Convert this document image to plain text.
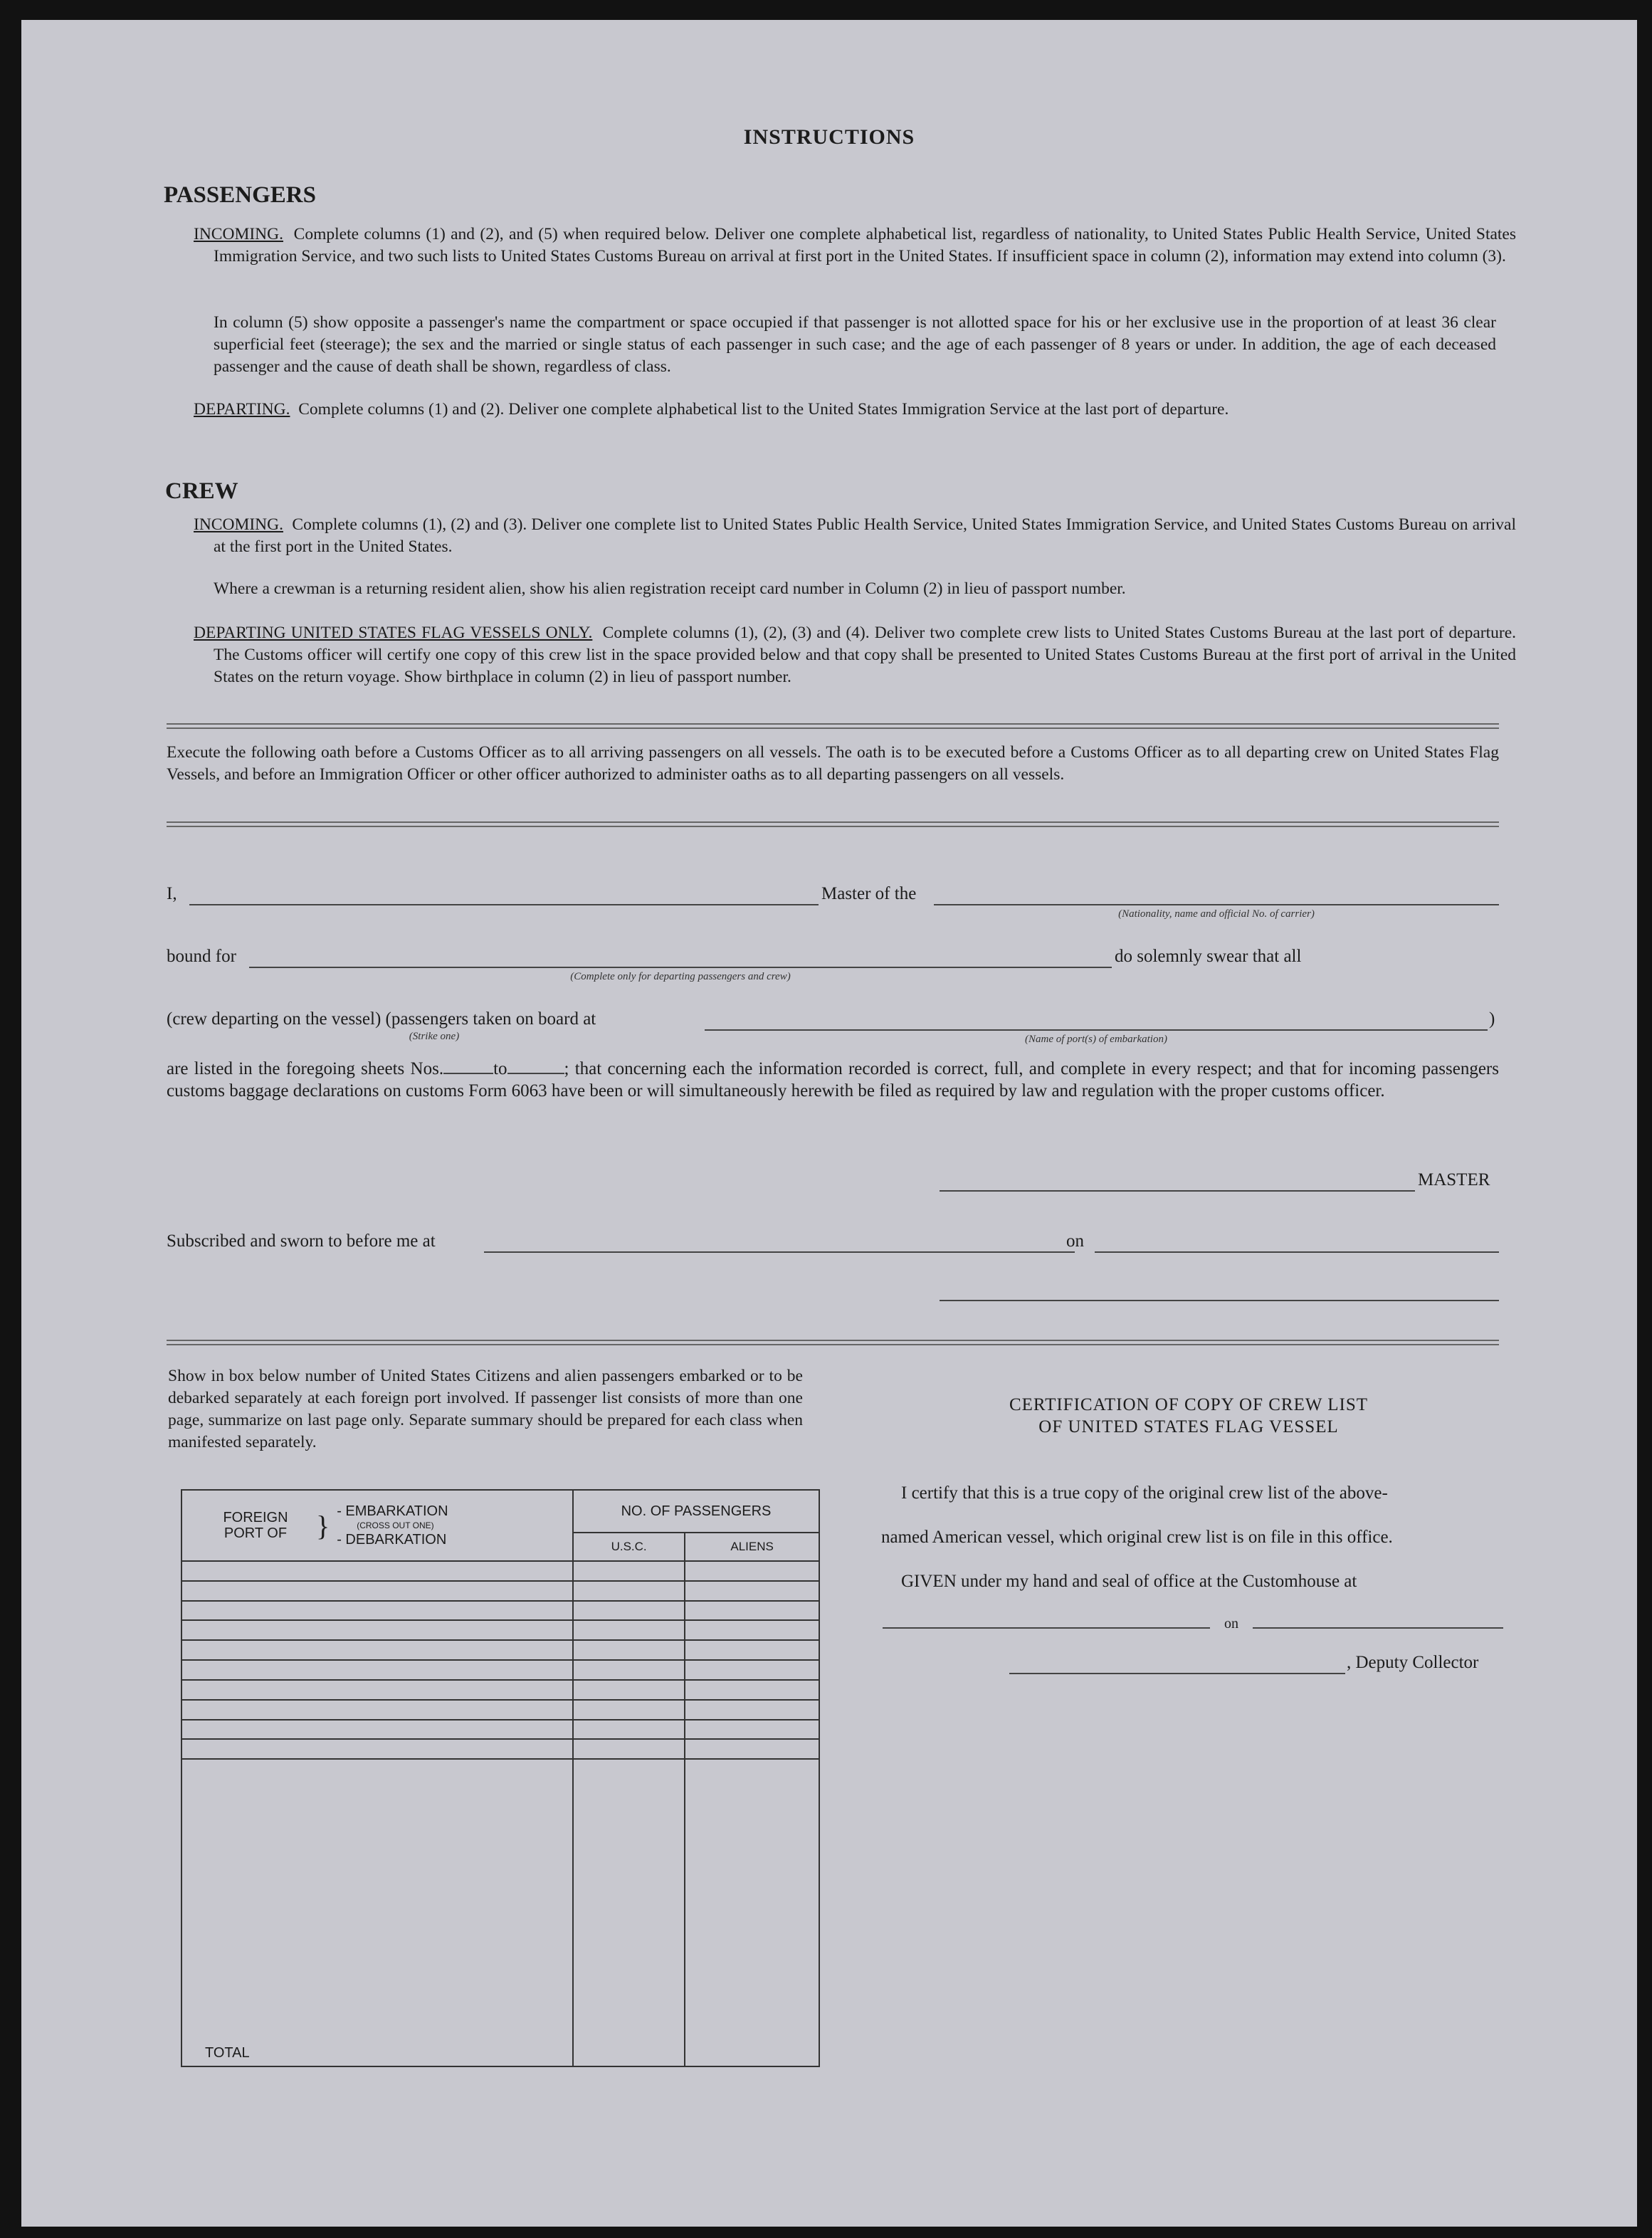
INSTRUCTIONS
PASSENGERS
INCOMING. Complete columns (1) and (2), and (5) when required below. Deliver one complete alphabetical list, regardless of nationality, to United States Public Health Service, United States Immigration Service, and two such lists to United States Customs Bureau on arrival at first port in the United States. If insufficient space in column (2), information may extend into column (3).
In column (5) show opposite a passenger's name the compartment or space occupied if that passenger is not allotted space for his or her exclusive use in the proportion of at least 36 clear superficial feet (steerage); the sex and the married or single status of each passenger in such case; and the age of each passenger of 8 years or under. In addition, the age of each deceased passenger and the cause of death shall be shown, regardless of class.
DEPARTING. Complete columns (1) and (2). Deliver one complete alphabetical list to the United States Immigration Service at the last port of departure.
CREW
INCOMING. Complete columns (1), (2) and (3). Deliver one complete list to United States Public Health Service, United States Immigration Service, and United States Customs Bureau on arrival at the first port in the United States.
Where a crewman is a returning resident alien, show his alien registration receipt card number in Column (2) in lieu of passport number.
DEPARTING UNITED STATES FLAG VESSELS ONLY. Complete columns (1), (2), (3) and (4). Deliver two complete crew lists to United States Customs Bureau at the last port of departure. The Customs officer will certify one copy of this crew list in the space provided below and that copy shall be presented to United States Customs Bureau at the first port of arrival in the United States on the return voyage. Show birthplace in column (2) in lieu of passport number.
Execute the following oath before a Customs Officer as to all arriving passengers on all vessels. The oath is to be executed before a Customs Officer as to all departing crew on United States Flag Vessels, and before an Immigration Officer or other officer authorized to administer oaths as to all departing passengers on all vessels.
I,	Master of the
(Nationality, name and official No. of carrier)
bound for
(Complete only for departing passengers and crew)
do solemnly swear that all
(crew departing on the vessel) (passengers taken on board at
(Strike one)	(Name of port(s) of embarkation)
)
are listed in the foregoing sheets Nos.	to	; that concerning each the information recorded is correct, full, and complete in every respect; and that for incoming passengers customs baggage declarations on customs Form 6063 have been or will simultaneously herewith be filed as required by law and regulation with the proper customs officer.
MASTER
Subscribed and sworn to before me at	on
Show in box below number of United States Citizens and alien passengers embarked or to be debarked separately at each foreign port involved. If passenger list consists of more than one page, summarize on last page only. Separate summary should be prepared for each class when manifested separately.
FOREIGN PORT OF } - EMBARKATION
(CROSS OUT ONE)
- DEBARKATION	NO. OF PASSENGERS	
	U.S.C.	ALIENS

TOTAL		
CERTIFICATION OF COPY OF CREW LIST
OF UNITED STATES FLAG VESSEL
I certify that this is a true copy of the original crew list of the above-
named American vessel, which original crew list is on file in this office.
GIVEN under my hand and seal of office at the Customhouse at
on
, Deputy Collector
